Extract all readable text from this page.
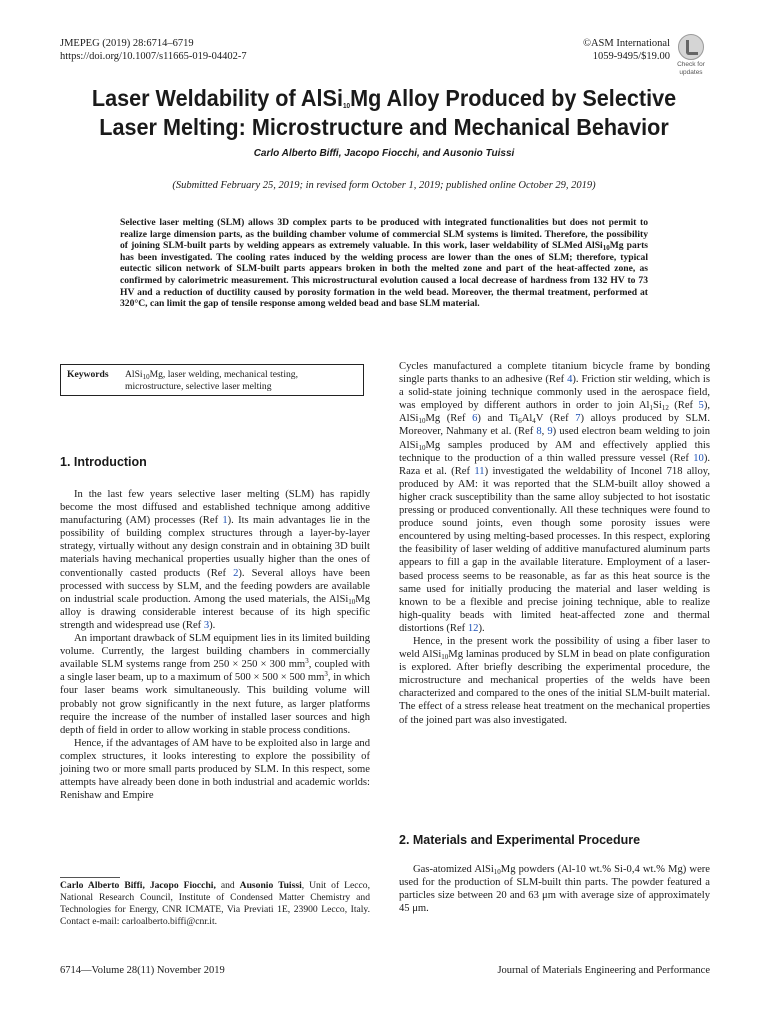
JMEPEG (2019) 28:6714–6719
https://doi.org/10.1007/s11665-019-04402-7
©ASM International
1059-9495/$19.00
Check for
updates
Laser Weldability of AlSi$_{10}$Mg Alloy Produced by Selective
Laser Melting: Microstructure and Mechanical Behavior
Carlo Alberto Biffi, Jacopo Fiocchi, and Ausonio Tuissi
(Submitted February 25, 2019; in revised form October 1, 2019; published online October 29, 2019)
Selective laser melting (SLM) allows 3D complex parts to be produced with integrated functionalities but does not permit to realize large dimension parts, as the building chamber volume of commercial SLM systems is limited. Therefore, the possibility of joining SLM-built parts by welding appears as extremely valuable. In this work, laser weldability of SLMed AlSi$_{10}$Mg parts has been investigated. The cooling rates induced by the welding process are lower than the ones of SLM; therefore, typical eutectic silicon network of SLM-built parts appears broken in both the melted zone and part of the heat-affected zone, as confirmed by calorimetric measurement. This microstructural evolution caused a local decrease of hardness from 132 HV to 73 HV and a reduction of ductility caused by porosity formation in the weld bead. Moreover, the thermal treatment, performed at 320°C, can limit the gap of tensile response among welded bead and base SLM material.
Keywords	AlSi$_{10}$Mg, laser welding, mechanical testing, microstructure, selective laser melting
1. Introduction

In the last few years selective laser melting (SLM) has rapidly become the most diffused and established technique among additive manufacturing (AM) processes (Ref 1). Its main advantages lie in the possibility of building complex structures through a layer-by-layer strategy, virtually without any design constrain and in obtaining 3D built materials having mechanical properties usually higher than the ones of conventionally casted products (Ref 2). Several alloys have been processed with success by SLM, and the feeding powders are available on industrial scale production. Among the used materials, the AlSi$_{10}$Mg alloy is drawing considerable interest because of its high specific strength and widespread use (Ref 3).

An important drawback of SLM equipment lies in its limited building volume. Currently, the largest building chambers in commercially available SLM systems range from 250 × 250 × 300 $mm^3$, coupled with a single laser beam, up to a maximum of 500 × 500 × 500 $mm^3$, in which four laser beams work simultaneously. This building volume will probably not grow significantly in the next future, as larger platforms require the increase of the number of installed laser sources and high depth of field in order to allow working in stable process conditions.

Hence, if the advantages of AM have to be exploited also in large and complex structures, it looks interesting to explore the possibility of joining two or more small parts produced by SLM. In this respect, some attempts have already been done in both industrial and academic worlds: Renishaw and Empire

Carlo Alberto Biffi, Jacopo Fiocchi, and Ausonio Tuissi, Unit of Lecco, National Research Council, Institute of Condensed Matter Chemistry and Technologies for Energy, CNR ICMATE, Via Previati 1E, 23900 Lecco, Italy. Contact e-mail: carloalberto.biffi@cnr.it.

Cycles manufactured a complete titanium bicycle frame by bonding single parts thanks to an adhesive (Ref 4). Friction stir welding, which is a solid-state joining technique commonly used in the aerospace field, was employed by different authors in order to join $Al_1Si_{12}$ (Ref 5), AlSi$_{10}$Mg (Ref 6) and $Ti_6Al_4V$ (Ref 7) alloys produced by SLM. Moreover, Nahmany et al. (Ref 8, 9) used electron beam welding to join AlSi$_{10}$Mg samples produced by AM and effectively applied this technique to the production of a thin walled pressure vessel (Ref 10). Raza et al. (Ref 11) investigated the weldability of Inconel 718 alloy, produced by AM: it was reported that the SLM-built alloy showed a higher crack susceptibility than the same alloy subjected to hot isostatic pressing or produced conventionally. All these techniques were found to produce sound joints, even though some porosity issues were encountered by using melting-based processes. In this respect, exploring the feasibility of laser welding of additive manufactured aluminum parts appears to fill a gap in the available literature. Employment of a laser-based process seems to be reasonable, as far as this heat source is the same used for initially producing the material and laser welding is known to be a flexible and precise joining technique, able to realize high-quality beads with limited heat-affected zone and thermal distortions (Ref 12).

Hence, in the present work the possibility of using a fiber laser to weld AlSi$_{10}$Mg laminas produced by SLM in bead on plate configuration is explored. After briefly describing the experimental procedure, the microstructure and mechanical properties of the welds have been characterized and compared to the ones of the initial SLM-built material. The effect of a stress release heat treatment on the mechanical properties of the joined part was also investigated.

2. Materials and Experimental Procedure

Gas-atomized AlSi$_{10}$Mg powders (Al-10 wt.% Si-0,4 wt.% Mg) were used for the production of SLM-built thin parts. The powder featured a particles size between 20 and 63 μm with average size of approximately 45 μm.

6714—Volume 28(11) November 2019	Journal of Materials Engineering and Performance
